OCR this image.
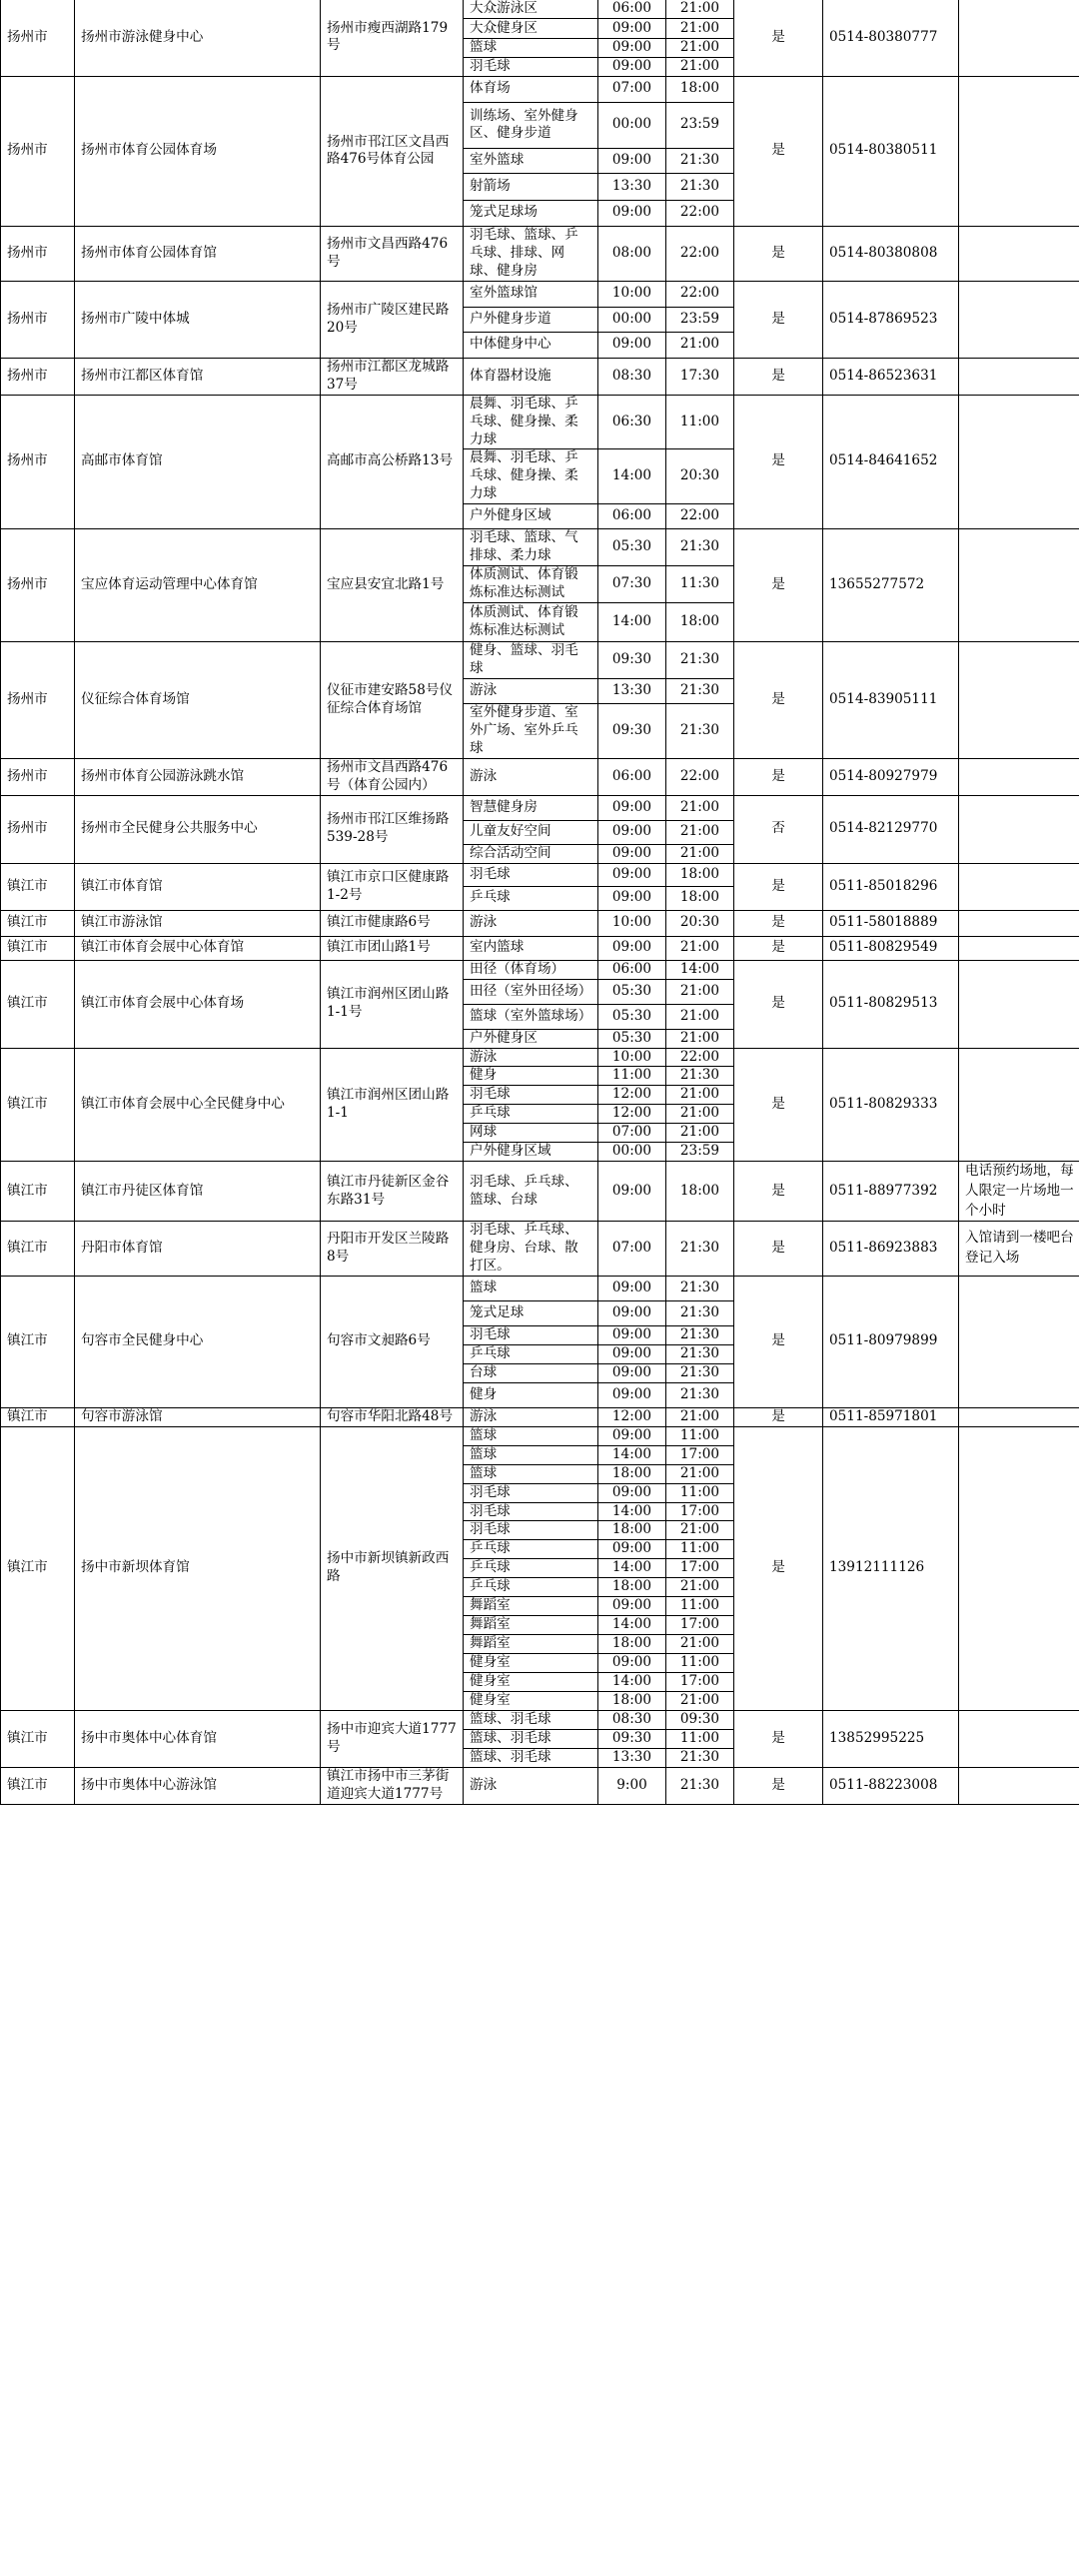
扬州市	扬州市游泳健身中心	扬州市瘦西湖路179号	大众游泳区	06:00	21:00	是	0514-80380777	
			大众健身区	09:00	21:00			
			篮球	09:00	21:00			
			羽毛球	09:00	21:00			
扬州市	扬州市体育公园体育场	扬州市邗江区文昌西路476号体育公园	体育场	07:00	18:00	是	0514-80380511	
			训练场、室外健身区、健身步道	00:00	23:59			
			室外篮球	09:00	21:30			
			射箭场	13:30	21:30			
			笼式足球场	09:00	22:00			
扬州市	扬州市体育公园体育馆	扬州市文昌西路476号	羽毛球、篮球、乒乓球、排球、网球、健身房	08:00	22:00	是	0514-80380808	
扬州市	扬州市广陵中体城	扬州市广陵区建民路20号	室外篮球馆	10:00	22:00	是	0514-87869523	
			户外健身步道	00:00	23:59			
			中体健身中心	09:00	21:00			
扬州市	扬州市江都区体育馆	扬州市江都区龙城路37号	体育器材设施	08:30	17:30	是	0514-86523631	
扬州市	高邮市体育馆	高邮市高公桥路13号	晨舞、羽毛球、乒乓球、健身操、柔力球	06:30	11:00	是	0514-84641652	
			晨舞、羽毛球、乒乓球、健身操、柔力球	14:00	20:30			
			户外健身区域	06:00	22:00			
扬州市	宝应体育运动管理中心体育馆	宝应县安宜北路1号	羽毛球、篮球、气排球、柔力球	05:30	21:30	是	13655277572	
			体质测试、体育锻炼标准达标测试	07:30	11:30			
			体质测试、体育锻炼标准达标测试	14:00	18:00			
扬州市	仪征综合体育场馆	仪征市建安路58号仪征综合体育场馆	健身、篮球、羽毛球	09:30	21:30	是	0514-83905111	
			游泳	13:30	21:30			
			室外健身步道、室外广场、室外乒乓球	09:30	21:30			
扬州市	扬州市体育公园游泳跳水馆	扬州市文昌西路476号（体育公园内）	游泳	06:00	22:00	是	0514-80927979	
扬州市	扬州市全民健身公共服务中心	扬州市邗江区维扬路539-28号	智慧健身房	09:00	21:00	否	0514-82129770	
			儿童友好空间	09:00	21:00			
			综合活动空间	09:00	21:00			
镇江市	镇江市体育馆	镇江市京口区健康路1-2号	羽毛球	09:00	18:00	是	0511-85018296	
			乒乓球	09:00	18:00			
镇江市	镇江市游泳馆	镇江市健康路6号	游泳	10:00	20:30	是	0511-58018889	
镇江市	镇江市体育会展中心体育馆	镇江市团山路1号	室内篮球	09:00	21:00	是	0511-80829549	
镇江市	镇江市体育会展中心体育场	镇江市润州区团山路1-1号	田径（体育场）	06:00	14:00	是	0511-80829513	
			田径（室外田径场）	05:30	21:00			
			篮球（室外篮球场）	05:30	21:00			
			户外健身区	05:30	21:00			
镇江市	镇江市体育会展中心全民健身中心	镇江市润州区团山路1-1	游泳	10:00	22:00	是	0511-80829333	
			健身	11:00	21:30			
			羽毛球	12:00	21:00			
			乒乓球	12:00	21:00			
			网球	07:00	21:00			
			户外健身区域	00:00	23:59			
镇江市	镇江市丹徒区体育馆	镇江市丹徒新区金谷东路31号	羽毛球、乒乓球、篮球、台球	09:00	18:00	是	0511-88977392	电话预约场地，每人限定一片场地一个小时
镇江市	丹阳市体育馆	丹阳市开发区兰陵路8号	羽毛球、乒乓球、健身房、台球、散打区。	07:00	21:30	是	0511-86923883	入馆请到一楼吧台登记入场
镇江市	句容市全民健身中心	句容市文昶路6号	篮球	09:00	21:30	是	0511-80979899	
			笼式足球	09:00	21:30			
			羽毛球	09:00	21:30			
			乒乓球	09:00	21:30			
			台球	09:00	21:30			
			健身	09:00	21:30			
镇江市	句容市游泳馆	句容市华阳北路48号	游泳	12:00	21:00	是	0511-85971801	
镇江市	扬中市新坝体育馆	扬中市新坝镇新政西路	篮球	09:00	11:00	是	13912111126	
			篮球	14:00	17:00			
			篮球	18:00	21:00			
			羽毛球	09:00	11:00			
			羽毛球	14:00	17:00			
			羽毛球	18:00	21:00			
			乒乓球	09:00	11:00			
			乒乓球	14:00	17:00			
			乒乓球	18:00	21:00			
			舞蹈室	09:00	11:00			
			舞蹈室	14:00	17:00			
			舞蹈室	18:00	21:00			
			健身室	09:00	11:00			
			健身室	14:00	17:00			
			健身室	18:00	21:00			
镇江市	扬中市奥体中心体育馆	扬中市迎宾大道1777号	篮球、羽毛球	08:30	09:30	是	13852995225	
			篮球、羽毛球	09:30	11:00			
			篮球、羽毛球	13:30	21:30			
镇江市	扬中市奥体中心游泳馆	镇江市扬中市三茅街道迎宾大道1777号	游泳	9:00	21:30	是	0511-88223008	
